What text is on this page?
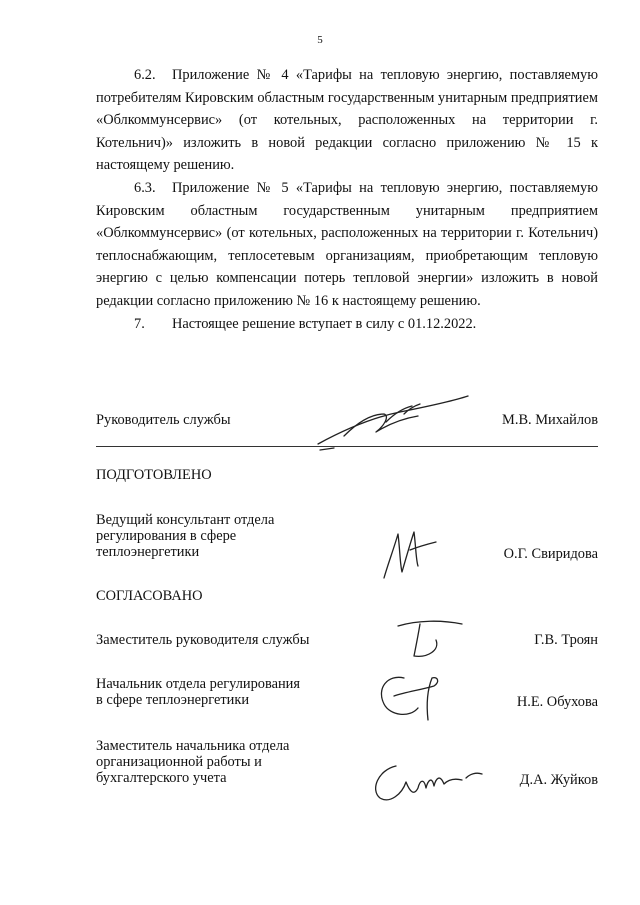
5

6.2. Приложение № 4 «Тарифы на тепловую энергию, поставляемую потребителям Кировским областным государственным унитарным предприятием «Облкоммунсервис» (от котельных, расположенных на территории г. Котельнич)» изложить в новой редакции согласно приложению № 15 к настоящему решению.

6.3. Приложение № 5 «Тарифы на тепловую энергию, поставляемую Кировским областным государственным унитарным предприятием «Облкоммунсервис» (от котельных, расположенных на территории г. Котельнич) теплоснабжающим, теплосетевым организациям, приобретающим тепловую энергию с целью компенсации потерь тепловой энергии» изложить в новой редакции согласно приложению № 16 к настоящему решению.

7. Настоящее решение вступает в силу с 01.12.2022.

Руководитель службы	М.В. Михайлов
ПОДГОТОВЛЕНО
Ведущий консультант отдела
регулирования в сфере
теплоэнергетики	О.Г. Свиридова
СОГЛАСОВАНО
Заместитель руководителя службы	Г.В. Троян
Начальник отдела регулирования
в сфере теплоэнергетики	Н.Е. Обухова
Заместитель начальника отдела
организационной работы и
бухгалтерского учета	Д.А. Жуйков
